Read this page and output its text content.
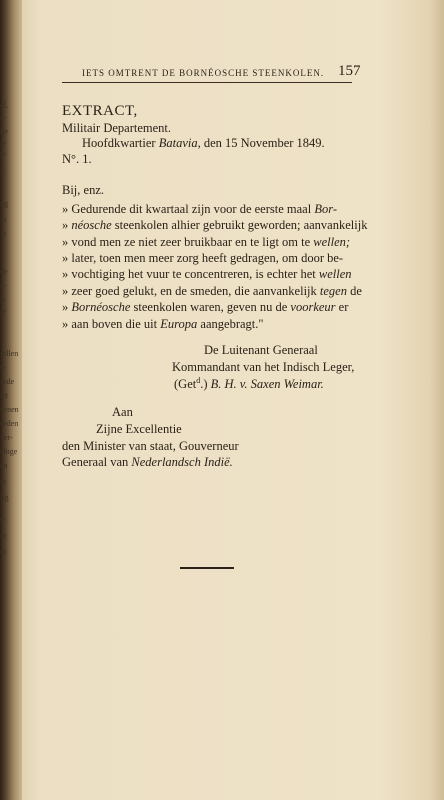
ol.
n-
lle
ie
p-
l.
ng
in
Ie
de
n-
ls
ie
villen
n-
sede
iet
cenen
urden
ver-
sfnge
en
ik
lig
e-
ur
m
IETS OMTRENT DE BORNÉOSCHE STEENKOLEN. 157
EXTRACT,
Militair Departement.
Hoofdkwartier Batavia, den 15 November 1849.
N°. 1.
Bij, enz.
» Gedurende dit kwartaal zijn voor de eerste maal Bor-
» néosche steenkolen alhier gebruikt geworden; aanvankelijk
» vond men ze niet zeer bruikbaar en te ligt om te wellen;
» later, toen men meer zorg heeft gedragen, om door be-
» vochtiging het vuur te concentreren, is echter het wellen
» zeer goed gelukt, en de smeden, die aanvankelijk tegen de
» Bornéosche steenkolen waren, geven nu de voorkeur er
» aan boven die uit Europa aangebragt."
De Luitenant Generaal
Kommandant van het Indisch Leger,
(Get$^d$.) B. H. v. Saxen Weimar.
Aan
Zijne Excellentie
den Minister van staat, Gouverneur
Generaal van Nederlandsch Indië.
